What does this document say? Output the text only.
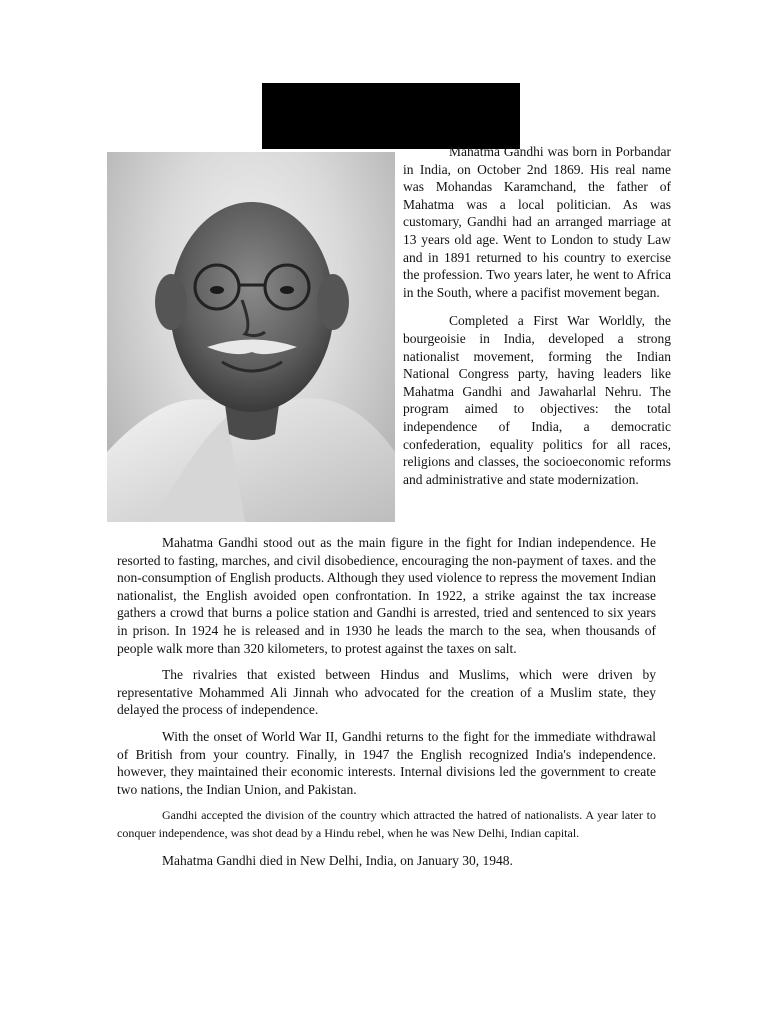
Mahatma Gandhi was born in Porbandar in India, on October 2nd 1869. His real name was Mohandas Karamchand, the father of Mahatma was a local politician. As was customary, Gandhi had an arranged marriage at 13 years old age. Went to London to study Law and in 1891 returned to his country to exercise the profession. Two years later, he went to Africa in the South, where a pacifist movement began.

Completed a First War Worldly, the bourgeoisie in India, developed a strong nationalist movement, forming the Indian National Congress party, having leaders like Mahatma Gandhi and Jawaharlal Nehru. The program aimed to objectives: the total independence of India, a democratic confederation, equality politics for all races, religions and classes, the socioeconomic reforms and administrative and state modernization.

Mahatma Gandhi stood out as the main figure in the fight for Indian independence. He resorted to fasting, marches, and civil disobedience, encouraging the non-payment of taxes. and the non-consumption of English products. Although they used violence to repress the movement Indian nationalist, the English avoided open confrontation. In 1922, a strike against the tax increase gathers a crowd that burns a police station and Gandhi is arrested, tried and sentenced to six years in prison. In 1924 he is released and in 1930 he leads the march to the sea, when thousands of people walk more than 320 kilometers, to protest against the taxes on salt.

The rivalries that existed between Hindus and Muslims, which were driven by representative Mohammed Ali Jinnah who advocated for the creation of a Muslim state, they delayed the process of independence.

With the onset of World War II, Gandhi returns to the fight for the immediate withdrawal of British from your country. Finally, in 1947 the English recognized India's independence. however, they maintained their economic interests. Internal divisions led the government to create two nations, the Indian Union, and Pakistan.

Gandhi accepted the division of the country which attracted the hatred of nationalists. A year later to conquer independence, was shot dead by a Hindu rebel, when he was New Delhi, Indian capital.

Mahatma Gandhi died in New Delhi, India, on January 30, 1948.
